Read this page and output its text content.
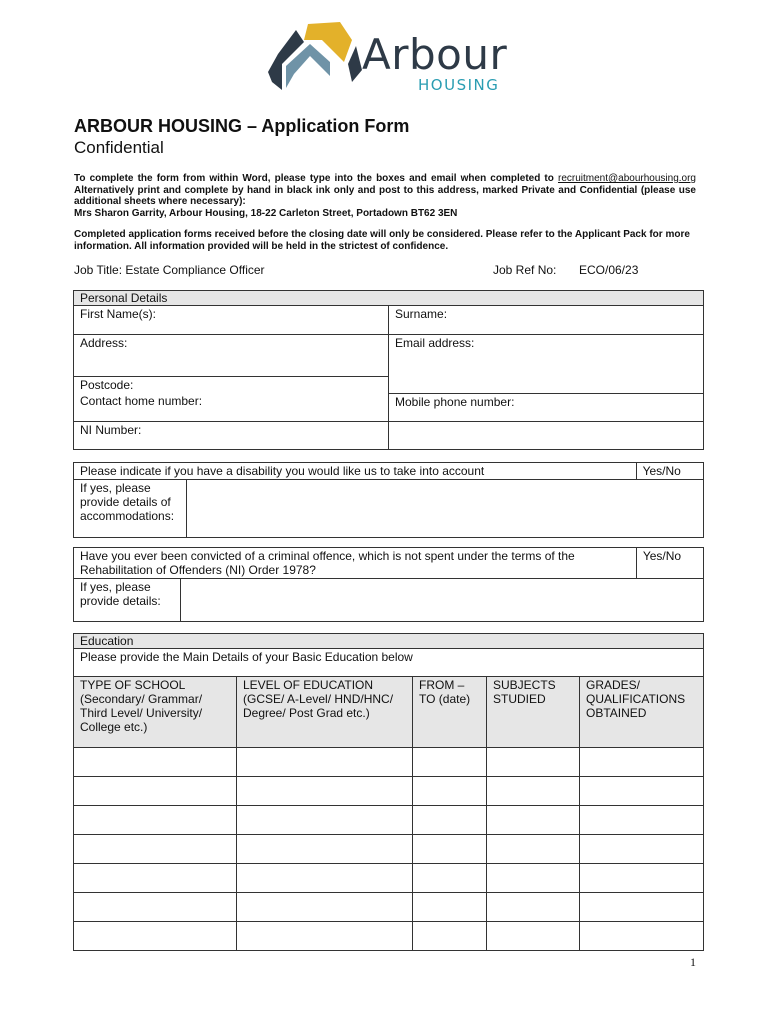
Arbour
HOUSING
ARBOUR HOUSING – Application Form
Confidential
To complete the form from within Word, please type into the boxes and email when completed to recruitment@abourhousing.org Alternatively print and complete by hand in black ink only and post to this address, marked Private and Confidential (please use additional sheets where necessary):
Mrs Sharon Garrity, Arbour Housing, 18-22 Carleton Street, Portadown BT62 3EN
Completed application forms received before the closing date will only be considered. Please refer to the Applicant Pack for more information. All information provided will be held in the strictest of confidence.
Job Title: Estate Compliance Officer	Job Ref No: ECO/06/23
Personal Details	
First Name(s):	Surname:
Address:	Email address:
Postcode:	
Contact home number:	Mobile phone number:
NI Number:	
Please indicate if you have a disability you would like us to take into account		Yes/No
If yes, please provide details of accommodations:		
Have you ever been convicted of a criminal offence, which is not spent under the terms of the Rehabilitation of Offenders (NI) Order 1978?		Yes/No
If yes, please provide details:		
Education				
Please provide the Main Details of your Basic Education below				
TYPE OF SCHOOL (Secondary/ Grammar/ Third Level/ University/ College etc.)	LEVEL OF EDUCATION (GCSE/ A-Level/ HND/HNC/ Degree/ Post Grad etc.)	FROM – TO (date)	SUBJECTS STUDIED	GRADES/ QUALIFICATIONS OBTAINED

1
